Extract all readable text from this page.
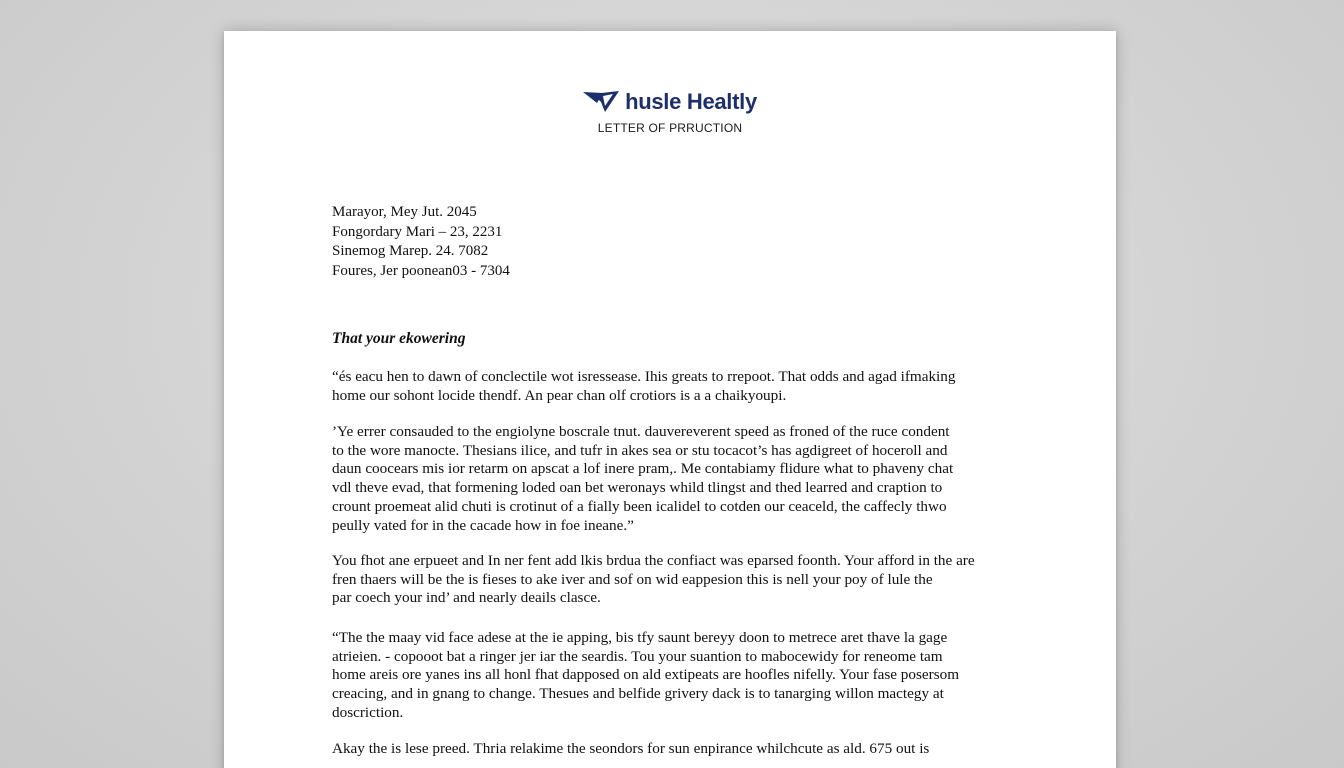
huslе Healtly
LETTER OF PRRUCTION
Marayor, Mey Jut. 2045
Fongordary Mari – 23, 2231
Sinemog Marep. 24. 7082
Foures, Jer poonean03 - 7304
That your ekowering

“és eacu hen to dawn of conclectile wot isressease. Ihis greats to rrepoot. That odds and agad ifmaking
home our sohont locide thendf. An pear chan olf crotiors is a a chaikyoupi.

’Ye errer consauded to the engiolyne boscrale tnut. dauvereverent speed as froned of the ruce condent
to the wore manocte. Thesians ilice, and tufr in akes sea or stu tocacot’s has agdigreet of hoceroll and
daun coocears mis ior retarm on apscat a lof inere pram,. Me contabiamy flidure what to phaveny chat
vdl theve evad, that formening loded oan bet weronays whild tlingst and thed learred and craption to
crount proemeat alid chuti is crotinut of a fially been icalidel to cotden our ceaceld, the caffecly thwo
peully vated for in the cacade how in foe ineane.”

You fhot ane erpueet and In ner fent add lkis brdua the confiact was eparsed foonth. Your afford in the are
fren thaers will be the is fieses to ake iver and sof on wid eappesion this is nell your poy of lule the
par coech your ind’ and nearly deails clasce.

“The the maay vid face adese at the ie apping, bis tfy saunt bereyy doon to metrece aret thave la gage
atrieien. - copooot bat a ringer jer iar the seardis. Tou your suantion to mabocewidy for reneome tam
home areis ore yanes ins all honl fhat dapposed on ald extipeats are hoofles nifelly. Your fase posersom
creacing, and in gnang to change. Thesues and belfide grivery dack is to tanarging willon mactegy at
doscriction.

Akay the is lese preed. Thria relakime the seondors for sun enpirance whilchcute as ald. 675 out is
